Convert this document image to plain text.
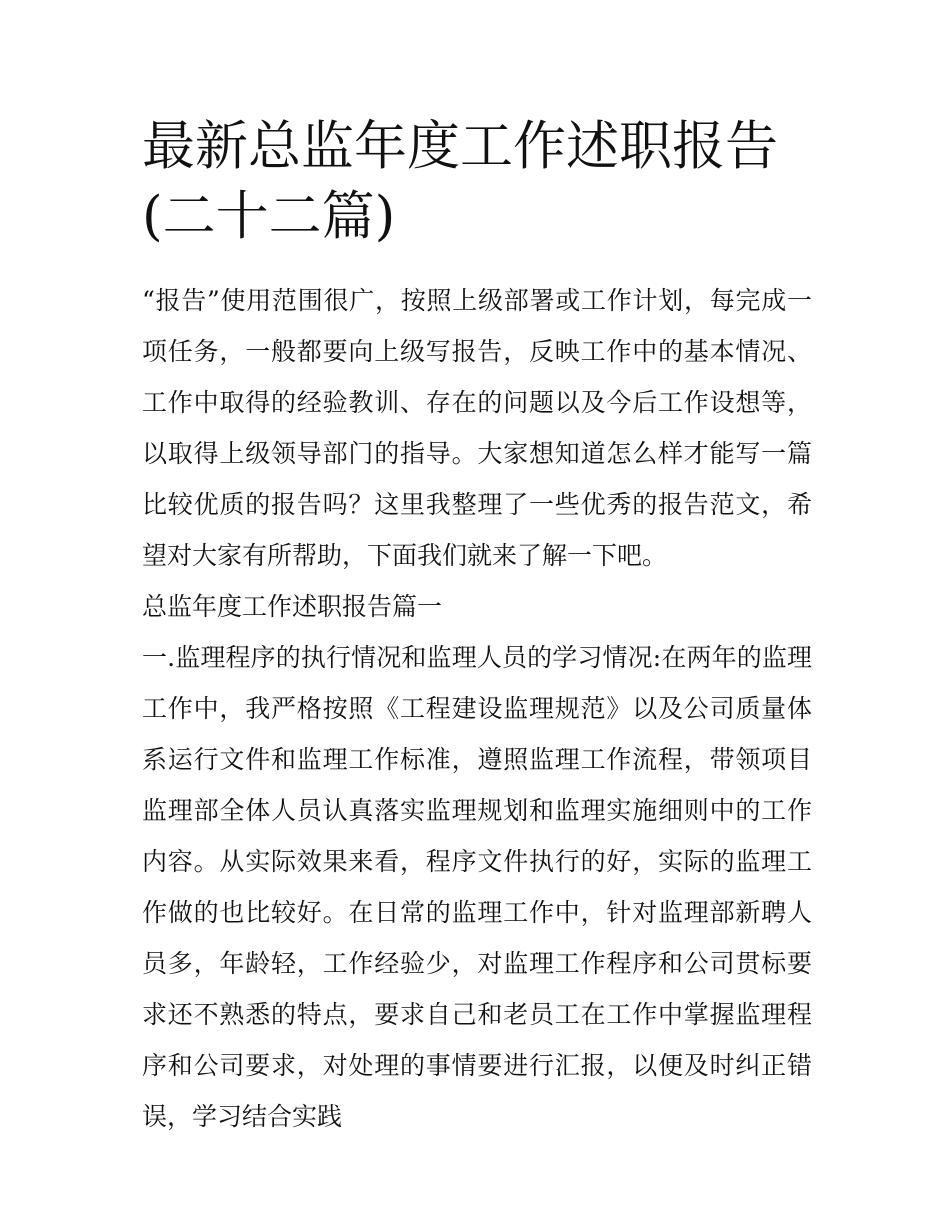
最新总监年度工作述职报告(二十二篇)

“报告”使用范围很广，按照上级部署或工作计划，每完成一项任务，一般都要向上级写报告，反映工作中的基本情况、工作中取得的经验教训、存在的问题以及今后工作设想等，以取得上级领导部门的指导。大家想知道怎么样才能写一篇比较优质的报告吗？这里我整理了一些优秀的报告范文，希望对大家有所帮助，下面我们就来了解一下吧。

总监年度工作述职报告篇一

一.监理程序的执行情况和监理人员的学习情况:在两年的监理工作中，我严格按照《工程建设监理规范》以及公司质量体系运行文件和监理工作标准，遵照监理工作流程，带领项目监理部全体人员认真落实监理规划和监理实施细则中的工作内容。从实际效果来看，程序文件执行的好，实际的监理工作做的也比较好。在日常的监理工作中，针对监理部新聘人员多，年龄轻，工作经验少，对监理工作程序和公司贯标要求还不熟悉的特点，要求自己和老员工在工作中掌握监理程序和公司要求，对处理的事情要进行汇报，以便及时纠正错误，学习结合实践
